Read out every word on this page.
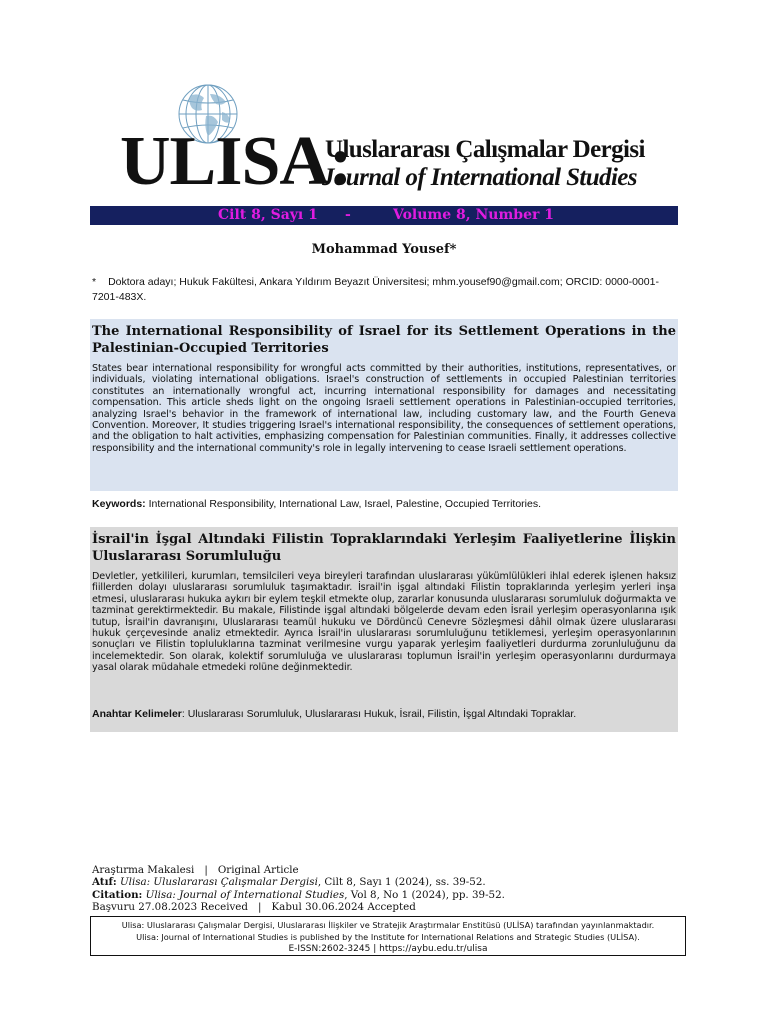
ULISA:
Uluslararası Çalışmalar Dergisi
Journal of International Studies
Cilt 8, Sayı 1 -	Volume 8, Number 1
Mohammad Yousef*
* Doktora adayı; Hukuk Fakültesi, Ankara Yıldırım Beyazıt Üniversitesi; mhm.yousef90@gmail.com; ORCID: 0000-0001-7201-483X.
The International Responsibility of Israel for its Settlement Operations in the Palestinian-Occupied Territories

States bear international responsibility for wrongful acts committed by their authorities, institutions, representatives, or individuals, violating international obligations. Israel's construction of settlements in occupied Palestinian territories constitutes an internationally wrongful act, incurring international responsibility for damages and necessitating compensation. This article sheds light on the ongoing Israeli settlement operations in Palestinian-occupied territories, analyzing Israel's behavior in the framework of international law, including customary law, and the Fourth Geneva Convention. Moreover, It studies triggering Israel's international responsibility, the consequences of settlement operations, and the obligation to halt activities, emphasizing compensation for Palestinian communities. Finally, it addresses collective responsibility and the international community's role in legally intervening to cease Israeli settlement operations.

Keywords: International Responsibility, International Law, Israel, Palestine, Occupied Territories.

İsrail'in İşgal Altındaki Filistin Topraklarındaki Yerleşim Faaliyetlerine İlişkin Uluslararası Sorumluluğu

Devletler, yetkilileri, kurumları, temsilcileri veya bireyleri tarafından uluslararası yükümlülükleri ihlal ederek işlenen haksız fiillerden dolayı uluslararası sorumluluk taşımaktadır. İsrail'in işgal altındaki Filistin topraklarında yerleşim yerleri inşa etmesi, uluslararası hukuka aykırı bir eylem teşkil etmekte olup, zararlar konusunda uluslararası sorumluluk doğurmakta ve tazminat gerektirmektedir. Bu makale, Filistinde işgal altındaki bölgelerde devam eden İsrail yerleşim operasyonlarına ışık tutup, İsrail'in davranışını, Uluslararası teamül hukuku ve Dördüncü Cenevre Sözleşmesi dâhil olmak üzere uluslararası hukuk çerçevesinde analiz etmektedir. Ayrıca İsrail'in uluslararası sorumluluğunu tetiklemesi, yerleşim operasyonlarının sonuçları ve Filistin topluluklarına tazminat verilmesine vurgu yaparak yerleşim faaliyetleri durdurma zorunluluğunu da incelemektedir. Son olarak, kolektif sorumluluğa ve uluslararası toplumun İsrail'in yerleşim operasyonlarını durdurmaya yasal olarak müdahale etmedeki rolüne değinmektedir.

Anahtar Kelimeler: Uluslararası Sorumluluk, Uluslararası Hukuk, İsrail, Filistin, İşgal Altındaki Topraklar.

Araştırma Makalesi | Original Article
Atıf: Ulisa: Uluslararası Çalışmalar Dergisi, Cilt 8, Sayı 1 (2024), ss. 39-52.
Citation: Ulisa: Journal of International Studies, Vol 8, No 1 (2024), pp. 39-52.
Başvuru 27.08.2023 Received | Kabul 30.06.2024 Accepted
Ulisa: Uluslararası Çalışmalar Dergisi, Uluslararası İlişkiler ve Stratejik Araştırmalar Enstitüsü (ULİSA) tarafından yayınlanmaktadır.
Ulisa: Journal of International Studies is published by the Institute for International Relations and Strategic Studies (ULİSA).
E-ISSN:2602-3245 | https://aybu.edu.tr/ulisa
